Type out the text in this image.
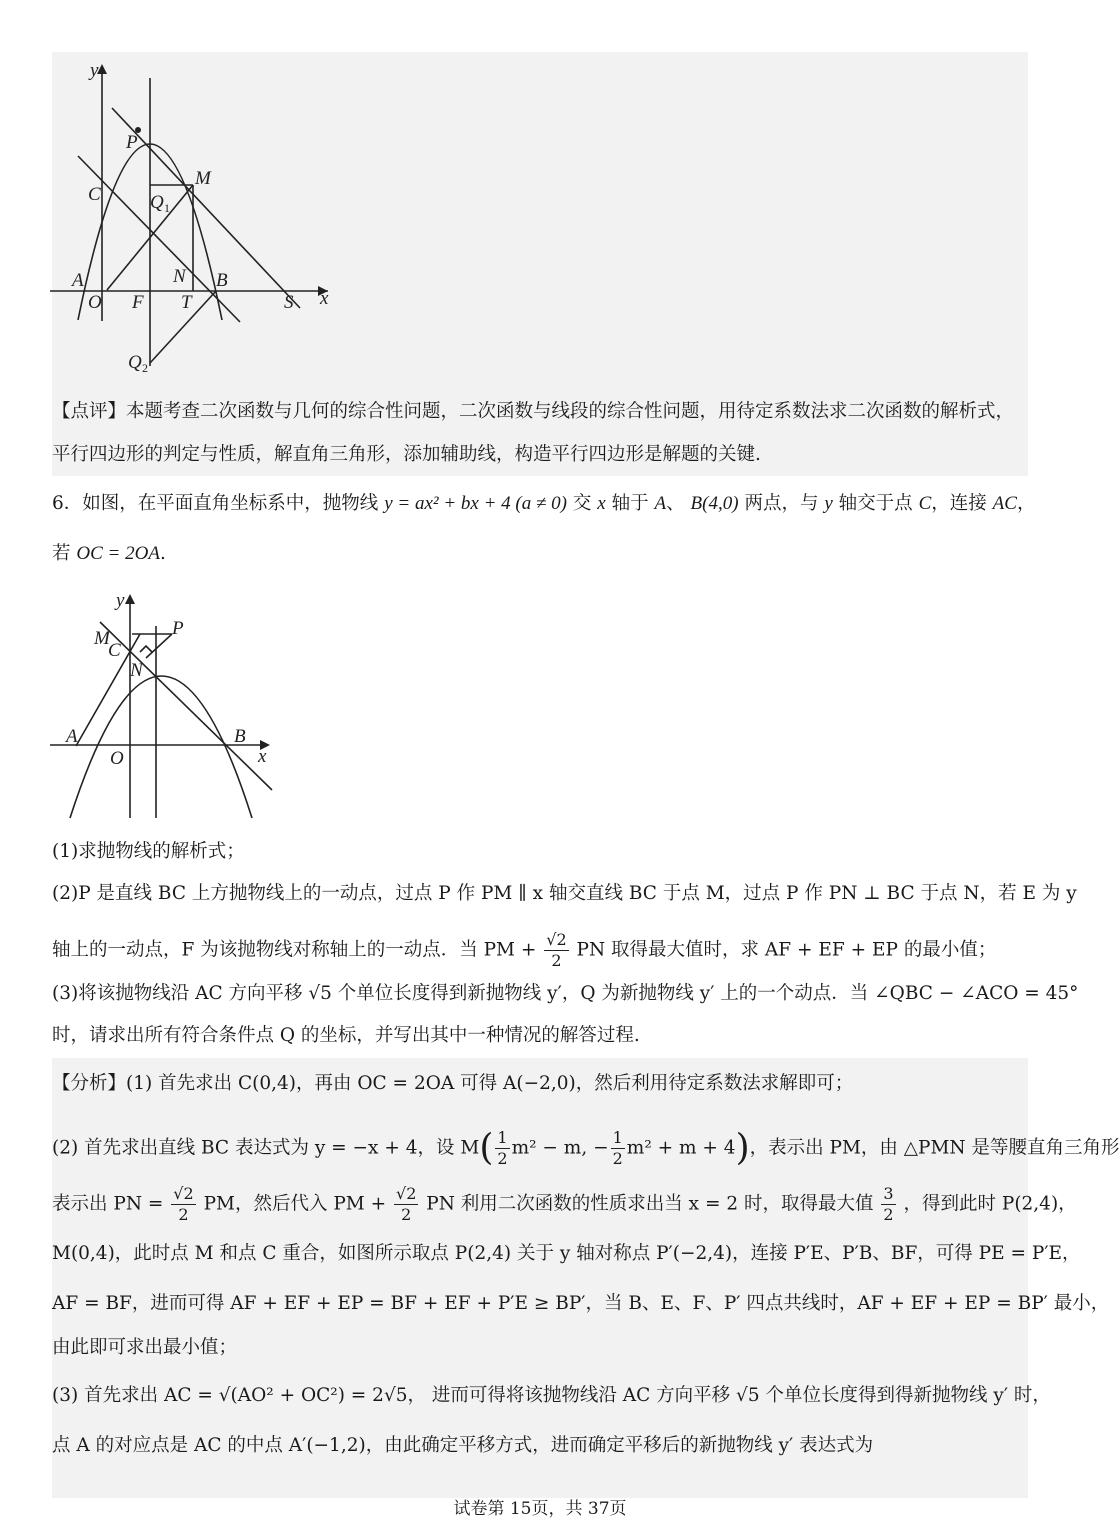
y
x
P
C
M
Q 1
N
A	B
O F T	S
Q 2
【点评】本题考查二次函数与几何的综合性问题，二次函数与线段的综合性问题，用待定系数法求二次函数的解析式，
平行四边形的判定与性质，解直角三角形，添加辅助线，构造平行四边形是解题的关键.
6．如图，在平面直角坐标系中，抛物线 y = ax² + bx + 4 (a ≠ 0) 交 x 轴于 A、 B(4,0) 两点，与 y 轴交于点 C，连接 AC，
若 OC = 2OA.
y
x
M
C
P
N
A	B
O
(1)求抛物线的解析式；
(2)P 是直线 BC 上方抛物线上的一动点，过点 P 作 PM ∥ x 轴交直线 BC 于点 M，过点 P 作 PN ⊥ BC 于点 N，若 E 为 y
轴上的一动点，F 为该抛物线对称轴上的一动点．当 PM + $\frac{√2}{2}$ PN 取得最大值时，求 AF + EF + EP 的最小值；
(3)将该抛物线沿 AC 方向平移 √5 个单位长度得到新抛物线 y′，Q 为新抛物线 y′ 上的一个动点．当 ∠QBC − ∠ACO = 45°
时，请求出所有符合条件点 Q 的坐标，并写出其中一种情况的解答过程.
【分析】(1) 首先求出 C(0,4)，再由 OC = 2OA 可得 A(−2,0)，然后利用待定系数法求解即可；
(2) 首先求出直线 BC 表达式为 y = −x + 4，设 $M( \frac{1}{2} m^2 - m$, − $\frac{1}{2} m^2 + m + 4$)，表示出 PM，由 △PMN 是等腰直角三角形
表示出 PN = $\frac{√2}{2}$ PM，然后代入 PM + $\frac{√2}{2}$ PN 利用二次函数的性质求出当 x = 2 时，取得最大值 $\frac{3}{2}$ ，得到此时 P(2,4)，
M(0,4)，此时点 M 和点 C 重合，如图所示取点 P(2,4) 关于 y 轴对称点 P′(−2,4)，连接 P′E、P′B、BF，可得 PE = P′E，
AF = BF，进而可得 AF + EF + EP = BF + EF + P′E ≥ BP′，当 B、E、F、P′ 四点共线时，AF + EF + EP = BP′ 最小，
由此即可求出最小值；
(3) 首先求出 AC = √(AO² + OC²) = 2√5， 进而可得将该抛物线沿 AC 方向平移 √5 个单位长度得到得新抛物线 y′ 时，
点 A 的对应点是 AC 的中点 A′(−1,2)，由此确定平移方式，进而确定平移后的新抛物线 y′ 表达式为
试卷第 15页，共 37页
